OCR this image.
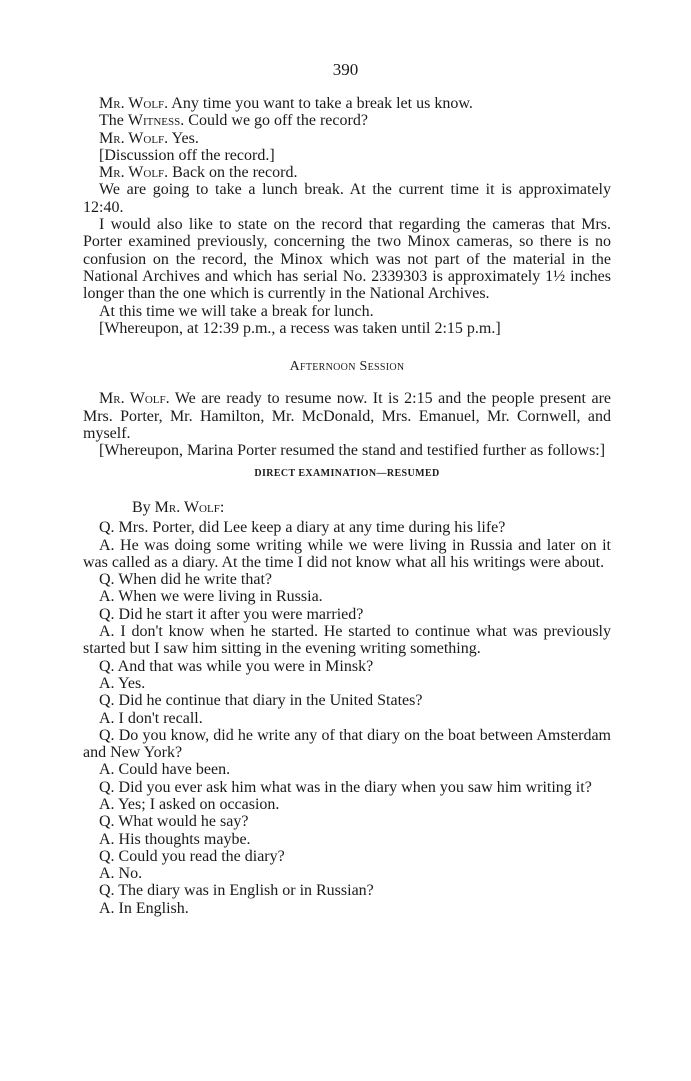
390

Mr. Wolf. Any time you want to take a break let us know.

The Witness. Could we go off the record?

Mr. Wolf. Yes.

[Discussion off the record.]

Mr. Wolf. Back on the record.

We are going to take a lunch break. At the current time it is approximately 12:40.

I would also like to state on the record that regarding the cameras that Mrs. Porter examined previously, concerning the two Minox cameras, so there is no confusion on the record, the Minox which was not part of the material in the National Archives and which has serial No. 2339303 is approximately 1½ inches longer than the one which is currently in the National Archives.

At this time we will take a break for lunch.

[Whereupon, at 12:39 p.m., a recess was taken until 2:15 p.m.]

Afternoon Session

Mr. Wolf. We are ready to resume now. It is 2:15 and the people present are Mrs. Porter, Mr. Hamilton, Mr. McDonald, Mrs. Emanuel, Mr. Cornwell, and myself.

[Whereupon, Marina Porter resumed the stand and testified further as follows:]

DIRECT EXAMINATION—RESUMED

By Mr. Wolf:

Q. Mrs. Porter, did Lee keep a diary at any time during his life?

A. He was doing some writing while we were living in Russia and later on it was called as a diary. At the time I did not know what all his writings were about.

Q. When did he write that?

A. When we were living in Russia.

Q. Did he start it after you were married?

A. I don't know when he started. He started to continue what was previously started but I saw him sitting in the evening writing something.

Q. And that was while you were in Minsk?

A. Yes.

Q. Did he continue that diary in the United States?

A. I don't recall.

Q. Do you know, did he write any of that diary on the boat between Amsterdam and New York?

A. Could have been.

Q. Did you ever ask him what was in the diary when you saw him writing it?

A. Yes; I asked on occasion.

Q. What would he say?

A. His thoughts maybe.

Q. Could you read the diary?

A. No.

Q. The diary was in English or in Russian?

A. In English.
